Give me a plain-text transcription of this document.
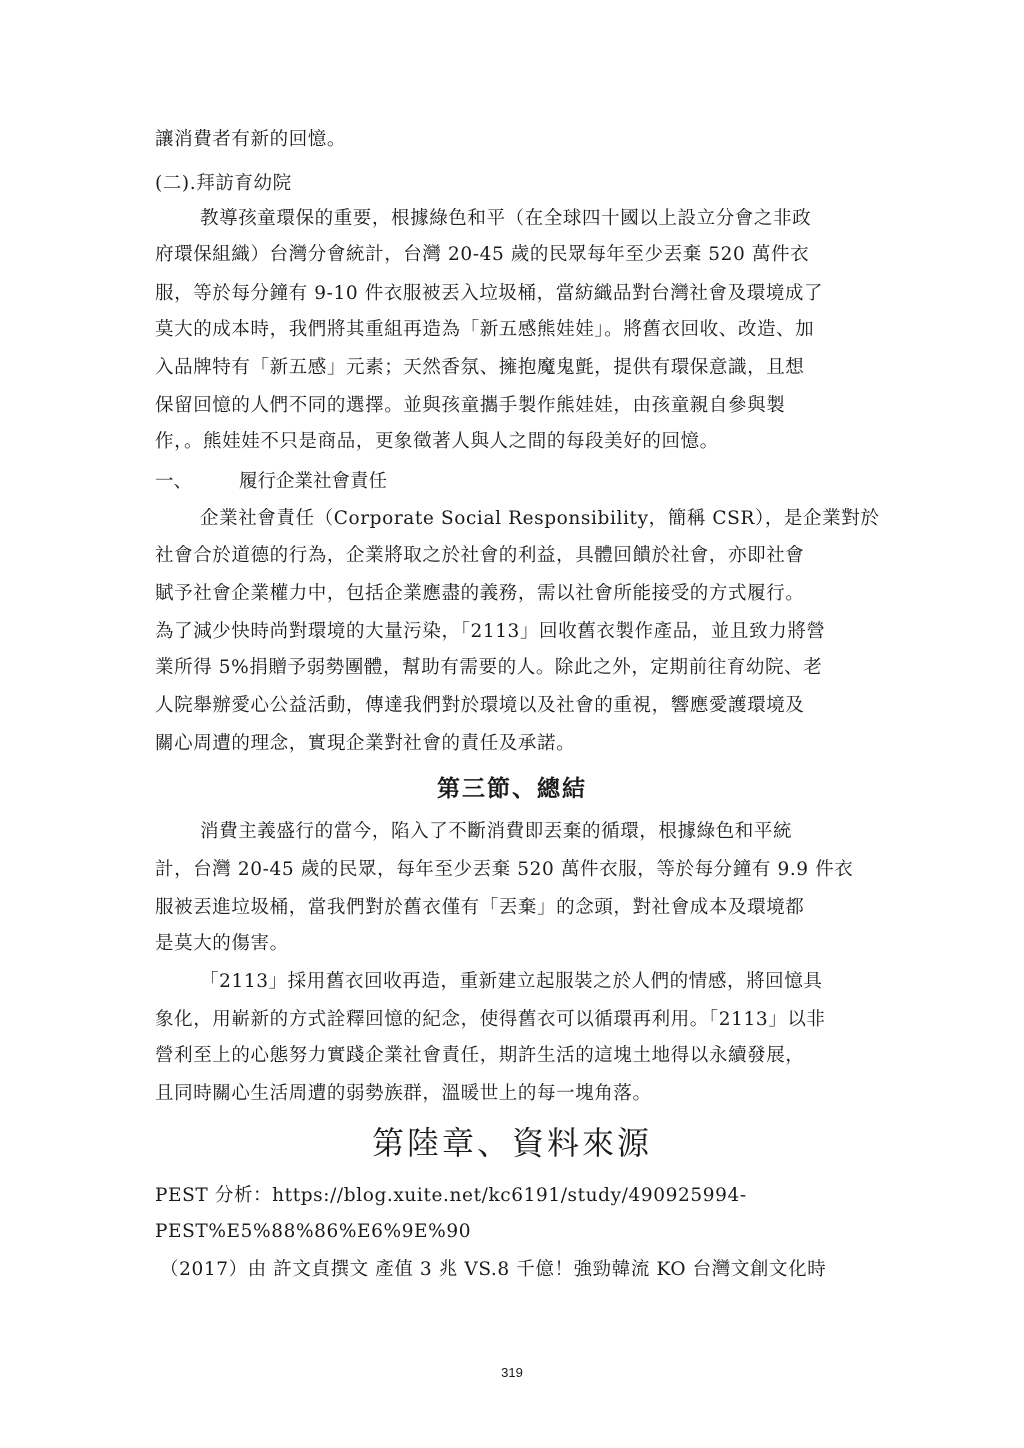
讓消費者有新的回憶。
(二).拜訪育幼院
教導孩童環保的重要，根據綠色和平（在全球四十國以上設立分會之非政
府環保組織）台灣分會統計，台灣 20-45 歲的民眾每年至少丟棄 520 萬件衣
服，等於每分鐘有 9-10 件衣服被丟入垃圾桶，當紡織品對台灣社會及環境成了
莫大的成本時，我們將其重組再造為「新五感熊娃娃」。將舊衣回收、改造、加
入品牌特有「新五感」元素；天然香氛、擁抱魔鬼氈，提供有環保意識，且想
保留回憶的人們不同的選擇。並與孩童攜手製作熊娃娃，由孩童親自參與製
作，。熊娃娃不只是商品，更象徵著人與人之間的每段美好的回憶。
一、	履行企業社會責任
企業社會責任（Corporate Social Responsibility，簡稱 CSR），是企業對於
社會合於道德的行為，企業將取之於社會的利益，具體回饋於社會，亦即社會
賦予社會企業權力中，包括企業應盡的義務，需以社會所能接受的方式履行。
為了減少快時尚對環境的大量污染，「2113」回收舊衣製作產品，並且致力將營
業所得 5%捐贈予弱勢團體，幫助有需要的人。除此之外，定期前往育幼院、老
人院舉辦愛心公益活動，傳達我們對於環境以及社會的重視，響應愛護環境及
關心周遭的理念，實現企業對社會的責任及承諾。
第三節、總結
消費主義盛行的當今，陷入了不斷消費即丟棄的循環，根據綠色和平統
計，台灣 20-45 歲的民眾，每年至少丟棄 520 萬件衣服，等於每分鐘有 9.9 件衣
服被丟進垃圾桶，當我們對於舊衣僅有「丟棄」的念頭，對社會成本及環境都
是莫大的傷害。
「2113」採用舊衣回收再造，重新建立起服裝之於人們的情感，將回憶具
象化，用嶄新的方式詮釋回憶的紀念，使得舊衣可以循環再利用。「2113」以非
營利至上的心態努力實踐企業社會責任，期許生活的這塊土地得以永續發展，
且同時關心生活周遭的弱勢族群，溫暖世上的每一塊角落。
第陸章、資料來源
PEST 分析：https://blog.xuite.net/kc6191/study/490925994-
PEST%E5%88%86%E6%9E%90
（2017）由 許文貞撰文 產值 3 兆 VS.8 千億！強勁韓流 KO 台灣文創文化時
319
